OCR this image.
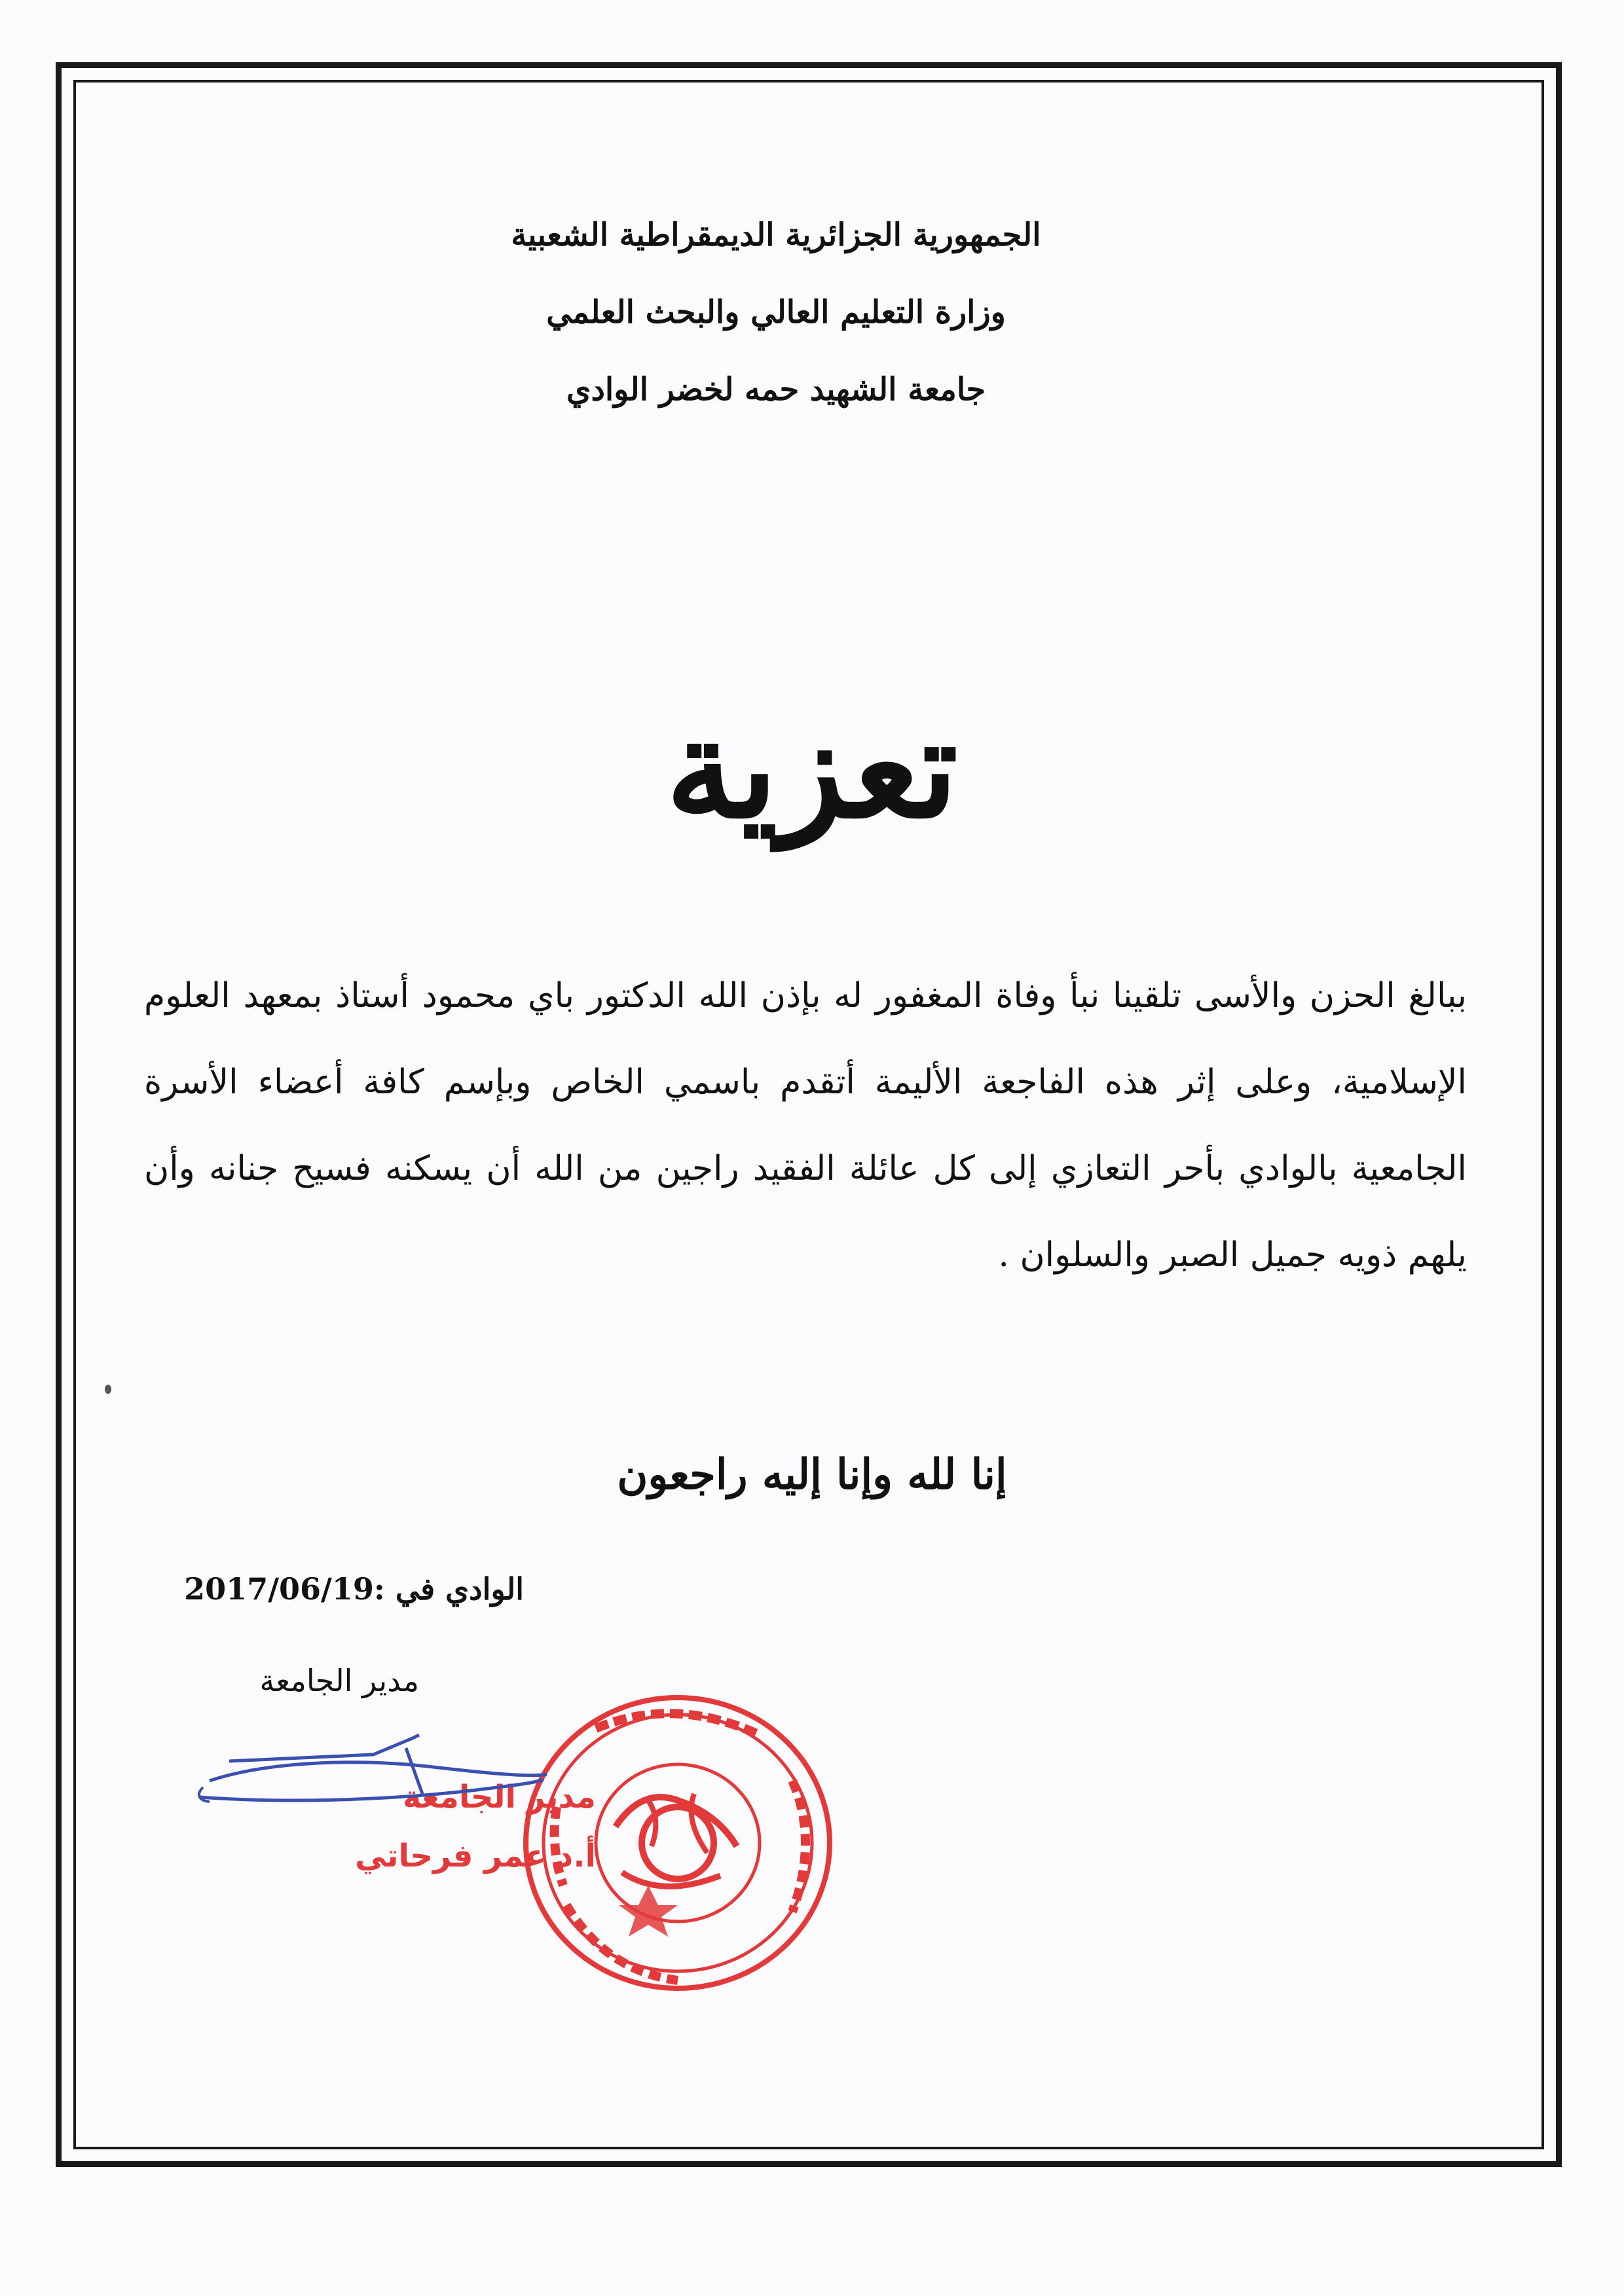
الجمهورية الجزائرية الديمقراطية الشعبية
وزارة التعليم العالي والبحث العلمي
جامعة الشهيد حمه لخضر الوادي
تعزية
ببالغ الحزن والأسى تلقينا نبأ وفاة المغفور له بإذن الله الدكتور باي محمود أستاذ بمعهد العلوم الإسلامية، وعلى إثر هذه الفاجعة الأليمة أتقدم باسمي الخاص وبإسم كافة أعضاء الأسرة الجامعية بالوادي بأحر التعازي إلى كل عائلة الفقيد راجين من الله أن يسكنه فسيح جنانه وأن يلهم ذويه جميل الصبر والسلوان .
إنا لله وإنا إليه راجعون
الوادي في :2017/06/19
مدير الجامعة
مدير الجامعة
أ.د عمر فرحاتي
